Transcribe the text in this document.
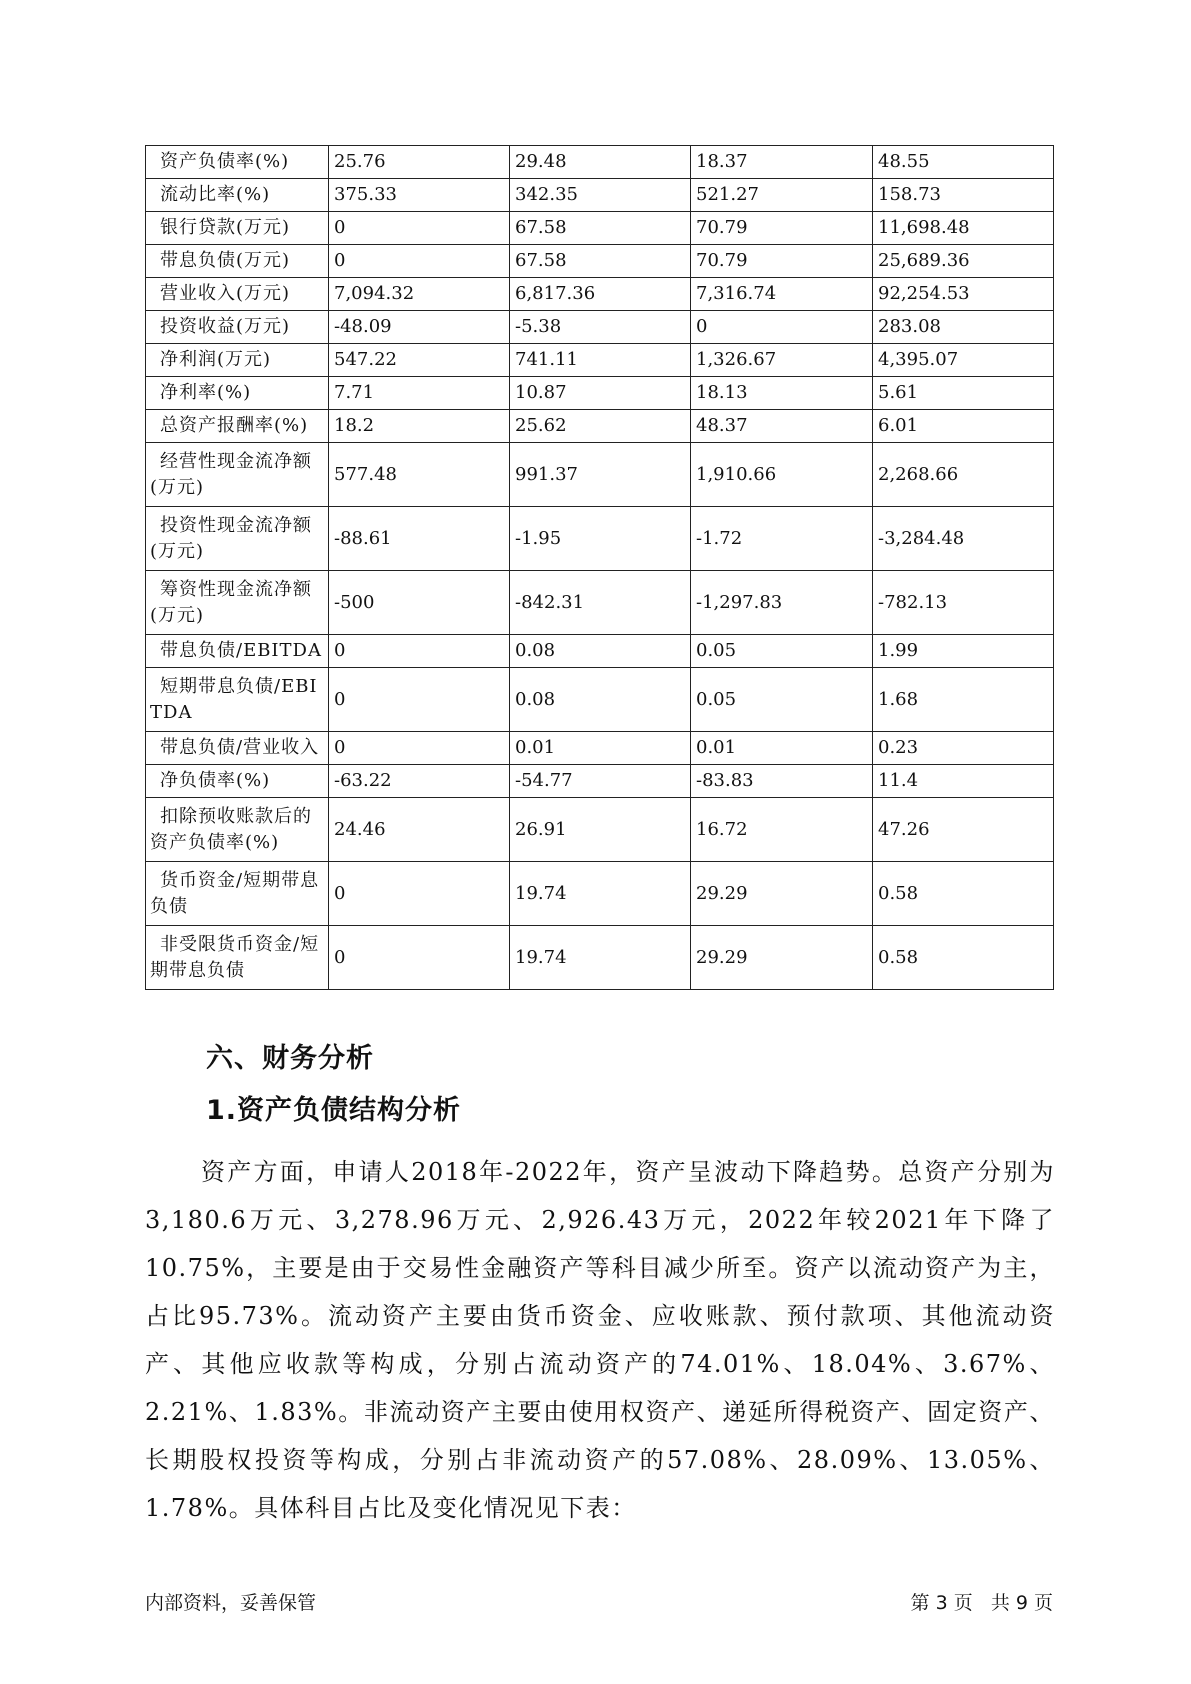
资产负债率(%)	25.76	29.48	18.37	48.55
流动比率(%)	375.33	342.35	521.27	158.73
银行贷款(万元)	0	67.58	70.79	11,698.48
带息负债(万元)	0	67.58	70.79	25,689.36
营业收入(万元)	7,094.32	6,817.36	7,316.74	92,254.53
投资收益(万元)	-48.09	-5.38	0	283.08
净利润(万元)	547.22	741.11	1,326.67	4,395.07
净利率(%)	7.71	10.87	18.13	5.61
总资产报酬率(%)	18.2	25.62	48.37	6.01
经营性现金流净额(万元)	577.48	991.37	1,910.66	2,268.66
投资性现金流净额(万元)	-88.61	-1.95	-1.72	-3,284.48
筹资性现金流净额(万元)	-500	-842.31	-1,297.83	-782.13
带息负债/EBITDA	0	0.08	0.05	1.99
短期带息负债/EBITDA	0	0.08	0.05	1.68
带息负债/营业收入	0	0.01	0.01	0.23
净负债率(%)	-63.22	-54.77	-83.83	11.4
扣除预收账款后的资产负债率(%)	24.46	26.91	16.72	47.26
货币资金/短期带息负债	0	19.74	29.29	0.58
非受限货币资金/短期带息负债	0	19.74	29.29	0.58
六、财务分析
1.资产负债结构分析

资产方面，申请人2018年-2022年，资产呈波动下降趋势。总资产分别为3,180.6万元、3,278.96万元、2,926.43万元，2022年较2021年下降了10.75%，主要是由于交易性金融资产等科目减少所至。资产以流动资产为主，占比95.73%。流动资产主要由货币资金、应收账款、预付款项、其他流动资产、其他应收款等构成，分别占流动资产的74.01%、18.04%、3.67%、2.21%、1.83%。非流动资产主要由使用权资产、递延所得税资产、固定资产、长期股权投资等构成，分别占非流动资产的57.08%、28.09%、13.05%、1.78%。具体科目占比及变化情况见下表：

内部资料，妥善保管	第 3 页 共 9 页
